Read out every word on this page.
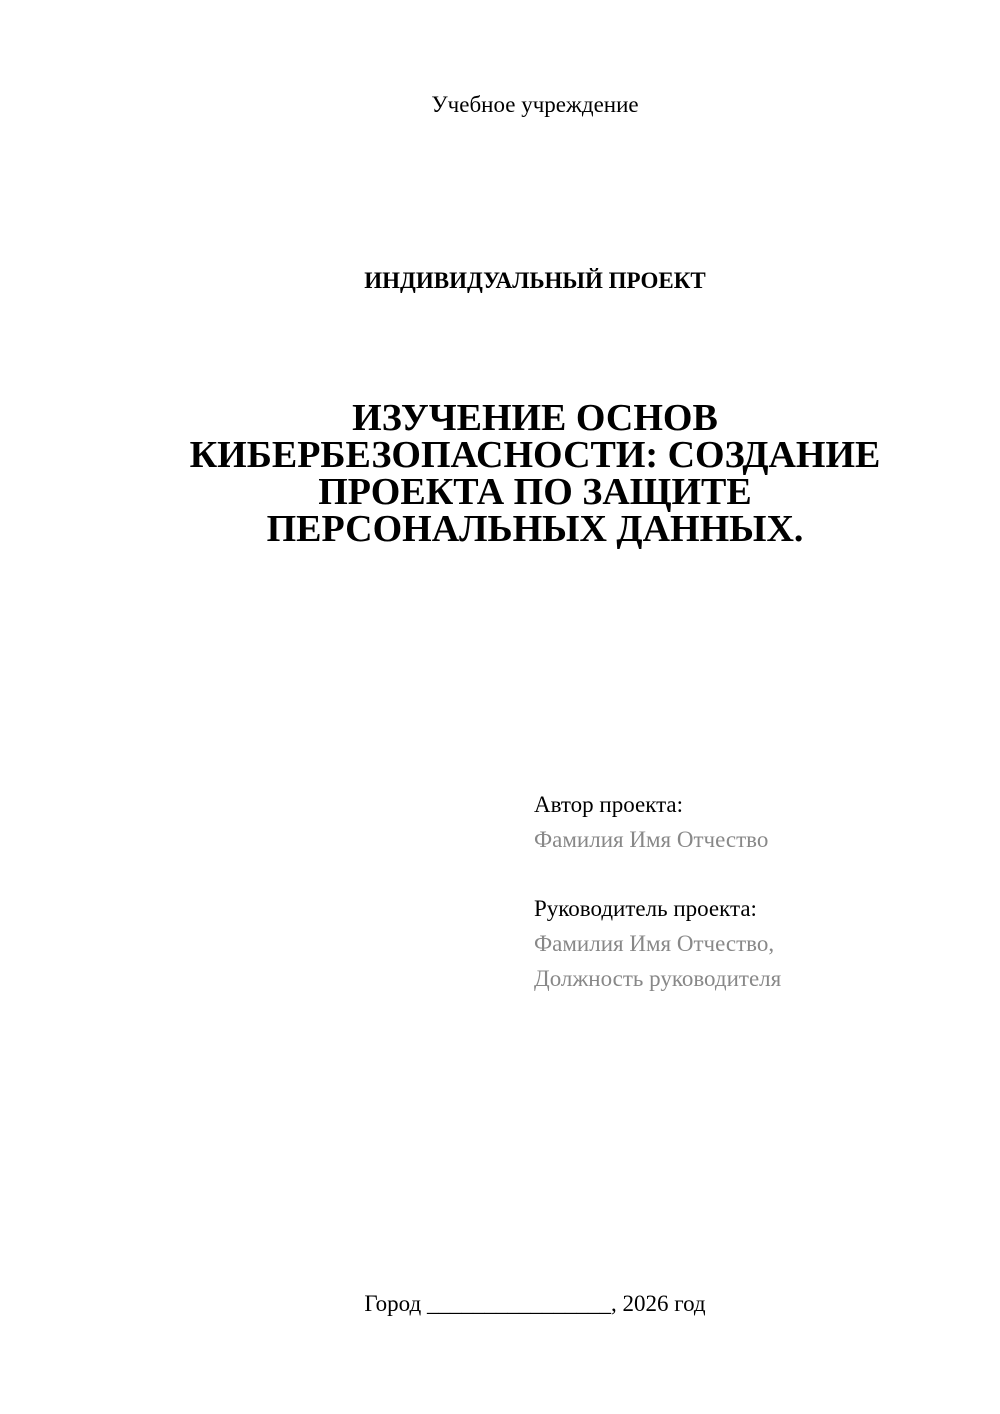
Учебное учреждение
ИНДИВИДУАЛЬНЫЙ ПРОЕКТ
ИЗУЧЕНИЕ ОСНОВ
КИБЕРБЕЗОПАСНОСТИ: СОЗДАНИЕ
ПРОЕКТА ПО ЗАЩИТЕ
ПЕРСОНАЛЬНЫХ ДАННЫХ.
Автор проекта:
Фамилия Имя Отчество
Руководитель проекта:
Фамилия Имя Отчество,
Должность руководителя
Город ________________, 2026 год
